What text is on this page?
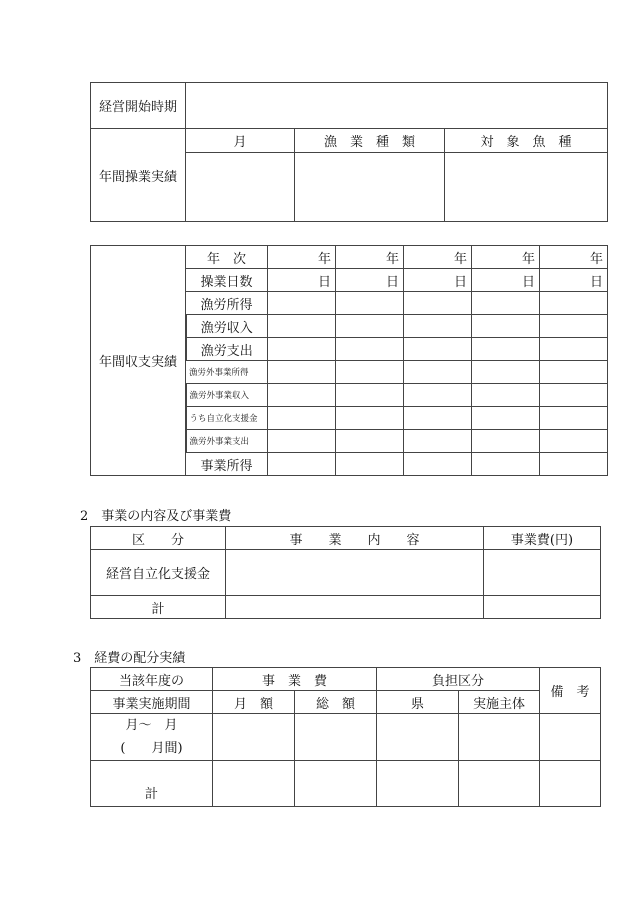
経営開始時期			
年間操業実績	月	漁　業　種　類	対　象　魚　種

年間収支実績	年　次	年	年	年	年	年
	操業日数	日	日	日	日	日
	漁労所得					
	漁労収入					
	漁労支出					
	漁労外事業所得					
	漁労外事業収入					
	うち自立化支援金					
	漁労外事業支出					
	事業所得					
2　事業の内容及び事業費
区　　分	事　　業　　内　　容	事業費(円)
経営自立化支援金		
計		
3　経費の配分実績
当該年度の	事　業　費		負担区分		備　考
事業実施期間	月　額	総　額	県	実施主体	

月～　月
(　　月間)					

計					
